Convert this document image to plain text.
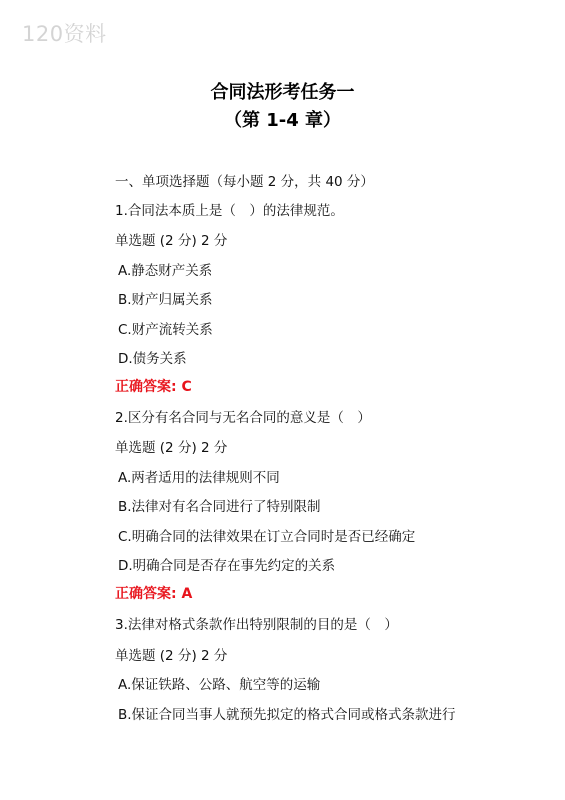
120资料
合同法形考任务一
（第 1-4 章）
一、单项选择题（每小题 2 分，共 40 分）
1.合同法本质上是（　）的法律规范。
单选题 (2 分) 2 分
A.静态财产关系
B.财产归属关系
C.财产流转关系
D.债务关系
正确答案: C
2.区分有名合同与无名合同的意义是（　）
单选题 (2 分) 2 分
A.两者适用的法律规则不同
B.法律对有名合同进行了特别限制
C.明确合同的法律效果在订立合同时是否已经确定
D.明确合同是否存在事先约定的关系
正确答案: A
3.法律对格式条款作出特别限制的目的是（　）
单选题 (2 分) 2 分
A.保证铁路、公路、航空等的运输
B.保证合同当事人就预先拟定的格式合同或格式条款进行
